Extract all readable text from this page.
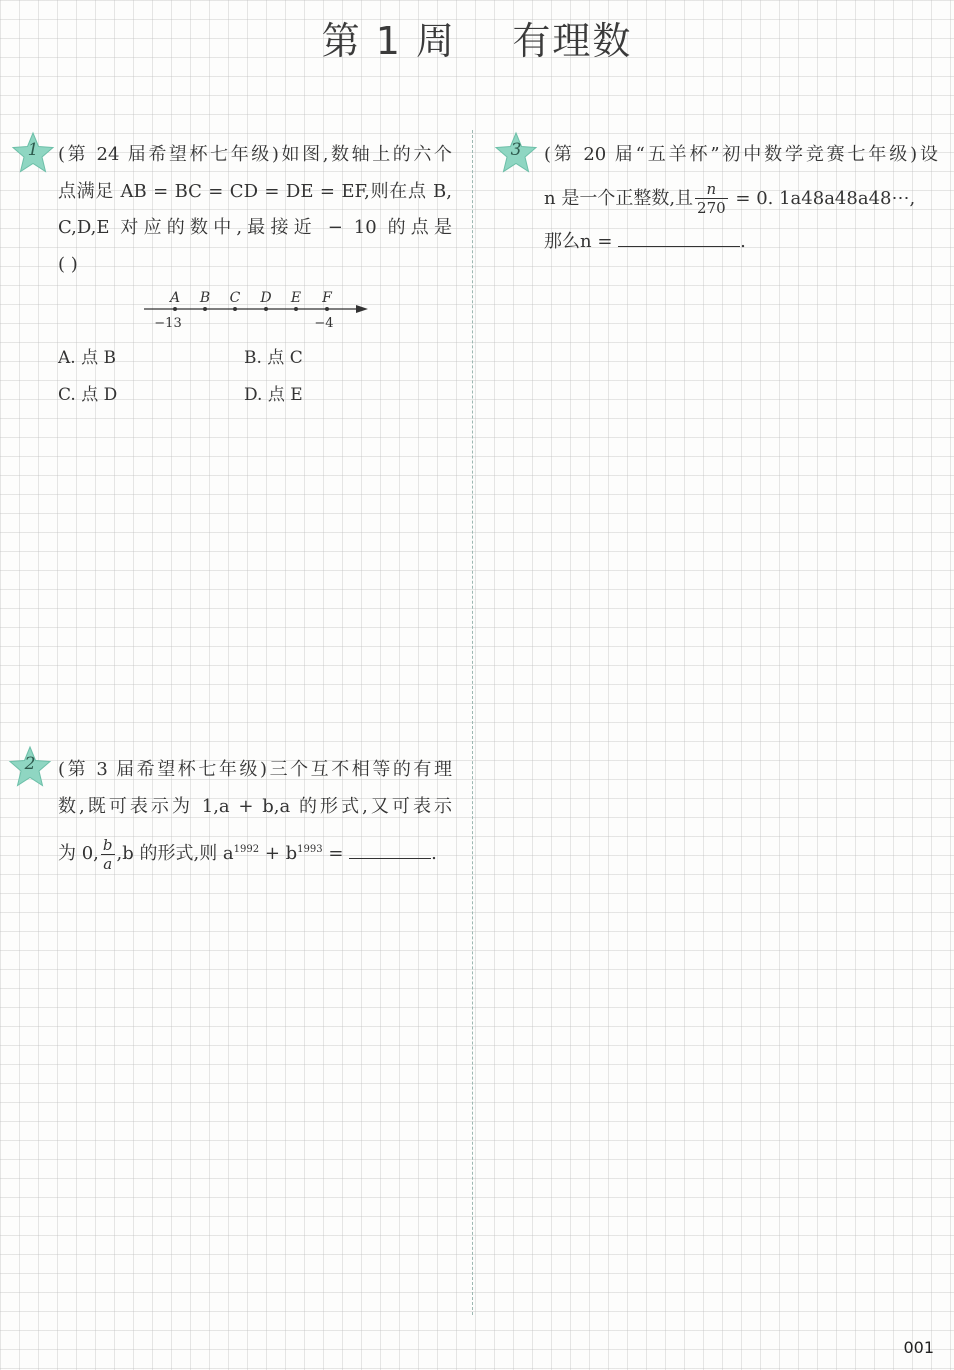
第 1 周    有理数
1	(第 24 届希望杯七年级)如图,数轴上的六个
点满足 AB = BC = CD = DE = EF,则在点 B,
C,D,E 对应的数中,最接近 − 10 的点是
( )
A B C D E F
−13	−4
A. 点 B	B. 点 C
C. 点 D	D. 点 E
2	(第 3 届希望杯七年级)三个互不相等的有理
数,既可表示为 1,a + b,a 的形式,又可表示
为 0, $\frac{b}{a} ,b$ 的形式,则 $a^{1992} + b^{1993}$ =	.
3	(第 20 届“五羊杯”初中数学竞赛七年级)设
n 是一个正整数,且 $\frac{n}{270} = 0$. 1a48a48a48⋯,
那么n =	.
001
